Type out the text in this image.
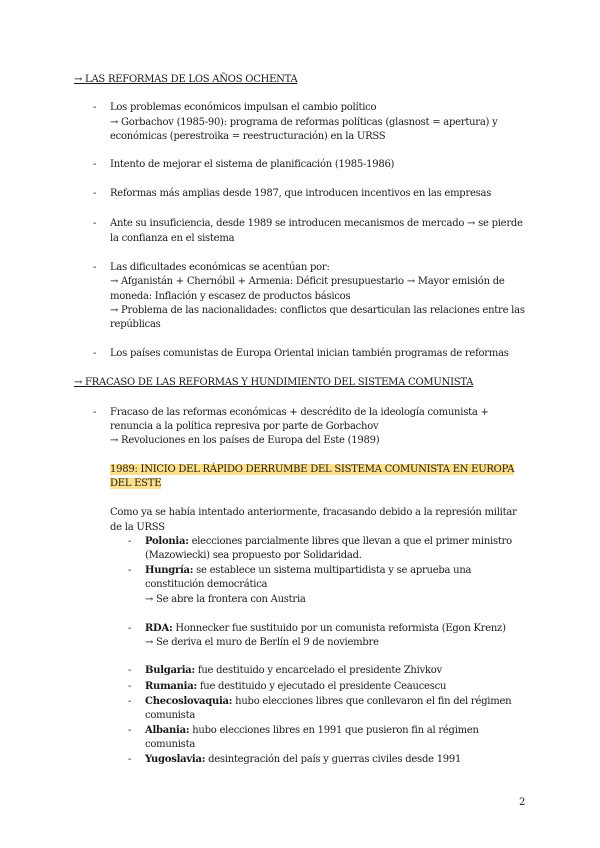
→ LAS REFORMAS DE LOS AÑOS OCHENTA
- Los problemas económicos impulsan el cambio político
→ Gorbachov (1985-90): programa de reformas políticas (glasnost = apertura) y
económicas (perestroika = reestructuración) en la URSS
- Intento de mejorar el sistema de planificación (1985-1986)
- Reformas más amplias desde 1987, que introducen incentivos en las empresas
- Ante su insuficiencia, desde 1989 se introducen mecanismos de mercado → se pierde
la confianza en el sistema
- Las dificultades económicas se acentúan por:
→ Afganistán + Chernóbil + Armenia: Déficit presupuestario → Mayor emisión de
moneda: Inflación y escasez de productos básicos
→ Problema de las nacionalidades: conflictos que desarticulan las relaciones entre las
repúblicas
- Los países comunistas de Europa Oriental inician también programas de reformas
→ FRACASO DE LAS REFORMAS Y HUNDIMIENTO DEL SISTEMA COMUNISTA
- Fracaso de las reformas económicas + descrédito de la ideología comunista +
renuncia a la política represiva por parte de Gorbachov
→ Revoluciones en los países de Europa del Este (1989)
1989: INICIO DEL RÁPIDO DERRUMBE DEL SISTEMA COMUNISTA EN EUROPA
DEL ESTE
Como ya se había intentado anteriormente, fracasando debido a la represión militar
de la URSS
- Polonia: elecciones parcialmente libres que llevan a que el primer ministro
(Mazowiecki) sea propuesto por Solidaridad.
- Hungría: se establece un sistema multipartidista y se aprueba una
constitución democrática
→ Se abre la frontera con Austria
- RDA: Honnecker fue sustituido por un comunista reformista (Egon Krenz)
→ Se deriva el muro de Berlín el 9 de noviembre
- Bulgaria: fue destituido y encarcelado el presidente Zhivkov
- Rumania: fue destituido y ejecutado el presidente Ceaucescu
- Checoslovaquia: hubo elecciones libres que conllevaron el fin del régimen
comunista
- Albania: hubo elecciones libres en 1991 que pusieron fin al régimen
comunista
- Yugoslavia: desintegración del país y guerras civiles desde 1991
2
